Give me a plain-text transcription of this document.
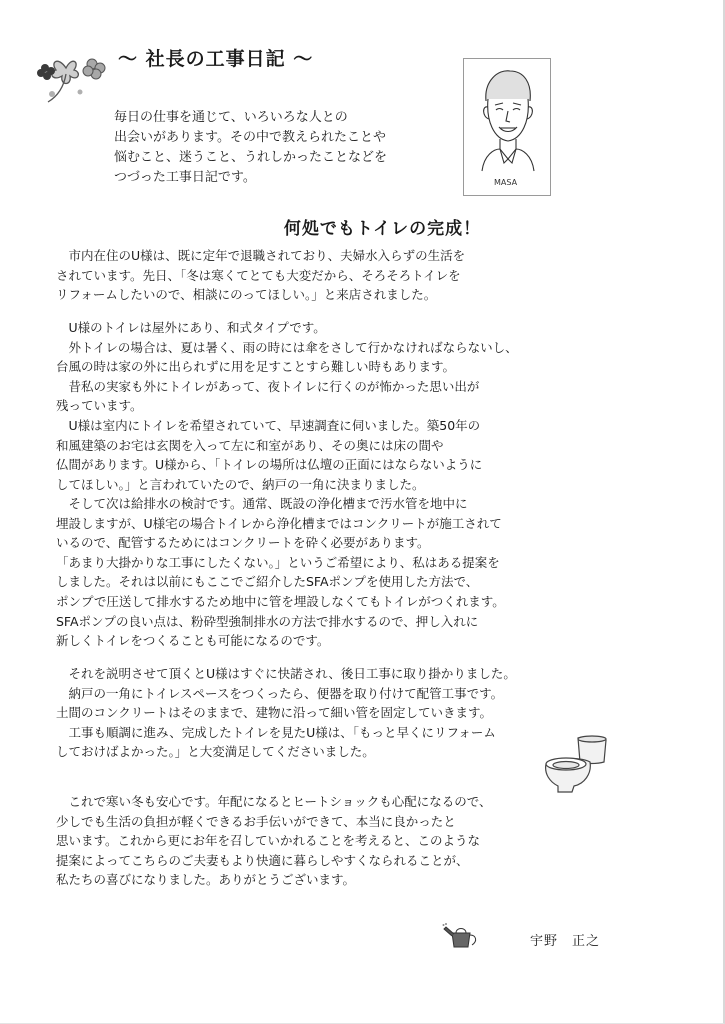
～ 社長の工事日記 ～
毎日の仕事を通じて、いろいろな人との
出会いがあります。その中で教えられたことや
悩むこと、迷うこと、うれしかったことなどを
つづった工事日記です。	MASA
何処でもトイレの完成！
　市内在住のU様は、既に定年で退職されており、夫婦水入らずの生活を
されています。先日、「冬は寒くてとても大変だから、そろそろトイレを
リフォームしたいので、相談にのってほしい。」と来店されました。
　U様のトイレは屋外にあり、和式タイプです。
　外トイレの場合は、夏は暑く、雨の時には傘をさして行かなければならないし、
台風の時は家の外に出られずに用を足すことすら難しい時もあります。
　昔私の実家も外にトイレがあって、夜トイレに行くのが怖かった思い出が
残っています。
　U様は室内にトイレを希望されていて、早速調査に伺いました。築50年の
和風建築のお宅は玄関を入って左に和室があり、その奥には床の間や
仏間があります。U様から、「トイレの場所は仏壇の正面にはならないように
してほしい。」と言われていたので、納戸の一角に決まりました。
　そして次は給排水の検討です。通常、既設の浄化槽まで汚水管を地中に
埋設しますが、U様宅の場合トイレから浄化槽まではコンクリートが施工されて
いるので、配管するためにはコンクリートを砕く必要があります。
「あまり大掛かりな工事にしたくない。」というご希望により、私はある提案を
しました。それは以前にもここでご紹介したSFAポンプを使用した方法で、
ポンプで圧送して排水するため地中に管を埋設しなくてもトイレがつくれます。
SFAポンプの良い点は、粉砕型強制排水の方法で排水するので、押し入れに
新しくトイレをつくることも可能になるのです。
　それを説明させて頂くとU様はすぐに快諾され、後日工事に取り掛かりました。
　納戸の一角にトイレスペースをつくったら、便器を取り付けて配管工事です。
土間のコンクリートはそのままで、建物に沿って細い管を固定していきます。
　工事も順調に進み、完成したトイレを見たU様は、「もっと早くにリフォーム
しておけばよかった。」と大変満足してくださいました。
　これで寒い冬も安心です。年配になるとヒートショックも心配になるので、
少しでも生活の負担が軽くできるお手伝いができて、本当に良かったと
思います。これから更にお年を召していかれることを考えると、このような
提案によってこちらのご夫妻もより快適に暮らしやすくなられることが、
私たちの喜びになりました。ありがとうございます。
宇野　正之
